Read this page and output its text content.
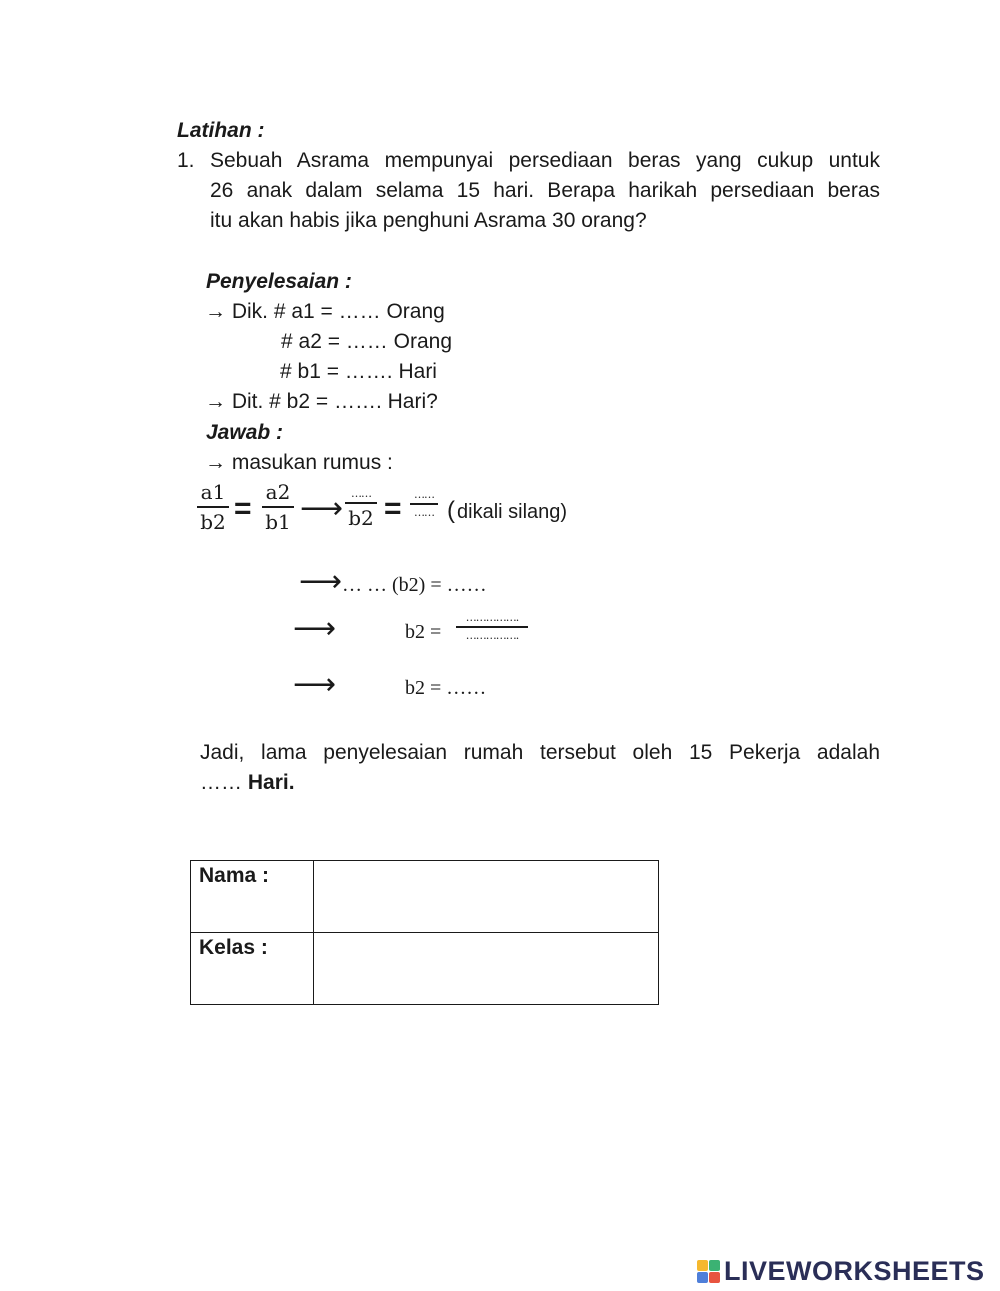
Latihan :
1. Sebuah Asrama mempunyai persediaan beras yang cukup untuk
26 anak dalam selama 15 hari. Berapa harikah persediaan beras
itu akan habis jika penghuni Asrama 30 orang?
Penyelesaian :
→ Dik. # a1 = …… Orang
# a2 = …… Orang
# b1 = ……. Hari
→ Dit. # b2 = ……. Hari?
Jawab :
→ masukan rumus :
a1
b2 = a2
b1 ⟶ ……
b2 =	……
…… ( dikali silang)
⟶ … … (b2) = ……
⟶	b2 =
…………….
…………….
⟶	b2 = ……
Jadi, lama penyelesaian rumah tersebut oleh 15 Pekerja adalah
…… Hari.
Nama :	
Kelas :	
LIVEWORKSHEETS
